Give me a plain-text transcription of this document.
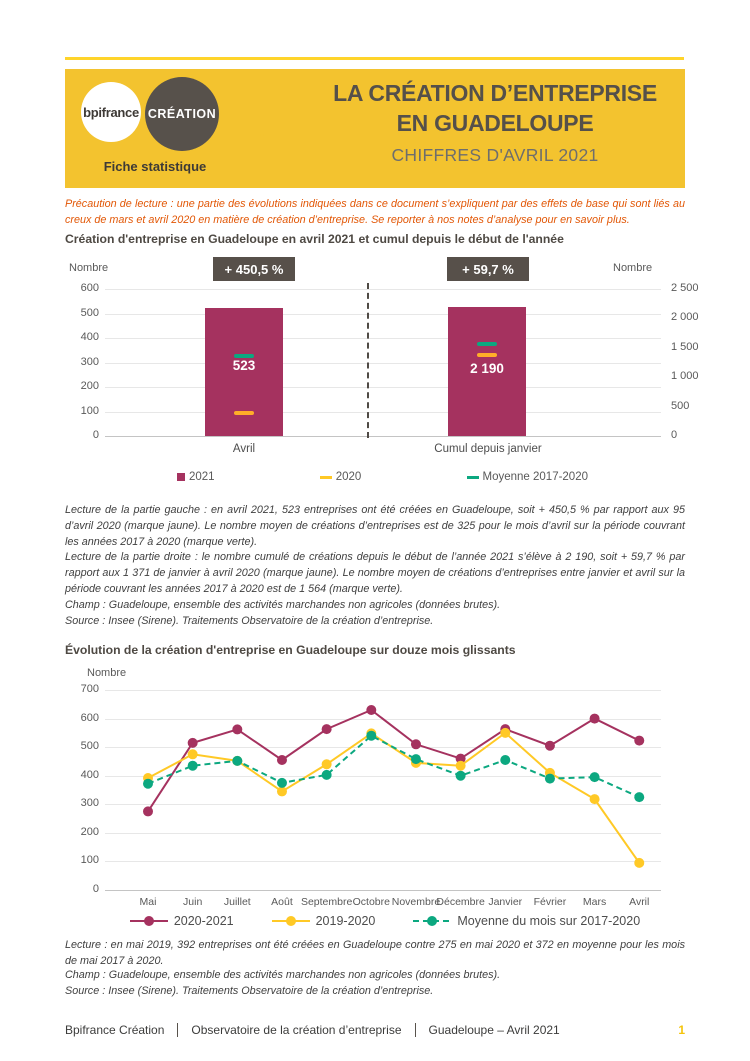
bpifrance CRÉATION
Fiche statistique
LA CRÉATION D’ENTREPRISE
EN GUADELOUPE
CHIFFRES D'AVRIL 2021
Précaution de lecture : une partie des évolutions indiquées dans ce document s’expliquent par des effets de base qui sont liés au creux de mars et avril 2020 en matière de création d’entreprise. Se reporter à nos notes d’analyse pour en savoir plus.
Création d'entreprise en Guadeloupe en avril 2021 et cumul depuis le début de l'année
Nombre	Nombre
600
500
400
300
200
100
0
2 500
2 000
1 500
1 000
500
0
+ 450,5 %	+ 59,7 %
523	2 190
Avril	Cumul depuis janvier
2021	2020	Moyenne 2017-2020
Lecture de la partie gauche : en avril 2021, 523 entreprises ont été créées en Guadeloupe, soit + 450,5 % par rapport aux 95 d’avril 2020 (marque jaune). Le nombre moyen de créations d’entreprises est de 325 pour le mois d’avril sur la période couvrant les années 2017 à 2020 (marque verte).
Lecture de la partie droite : le nombre cumulé de créations depuis le début de l’année 2021 s’élève à 2 190, soit + 59,7 % par rapport aux 1 371 de janvier à avril 2020 (marque jaune). Le nombre moyen de créations d’entreprises entre janvier et avril sur la période couvrant les années 2017 à 2020 est de 1 564 (marque verte).
Champ : Guadeloupe, ensemble des activités marchandes non agricoles (données brutes).
Source : Insee (Sirene). Traitements Observatoire de la création d’entreprise.
Évolution de la création d'entreprise en Guadeloupe sur douze mois glissants
Nombre
700
600
500
400
300
200
100
0
Mai	Juin	Juillet	Août Septembre Octobre Novembre
Décembre Janvier	Février	Mars	Avril
2020-2021	2019-2020	Moyenne du mois sur 2017-2020
Lecture : en mai 2019, 392 entreprises ont été créées en Guadeloupe contre 275 en mai 2020 et 372 en moyenne pour les mois de mai 2017 à 2020.
Champ : Guadeloupe, ensemble des activités marchandes non agricoles (données brutes).
Source : Insee (Sirene). Traitements Observatoire de la création d’entreprise.
Bpifrance Création Observatoire de la création d’entreprise Guadeloupe – Avril 2021	1
